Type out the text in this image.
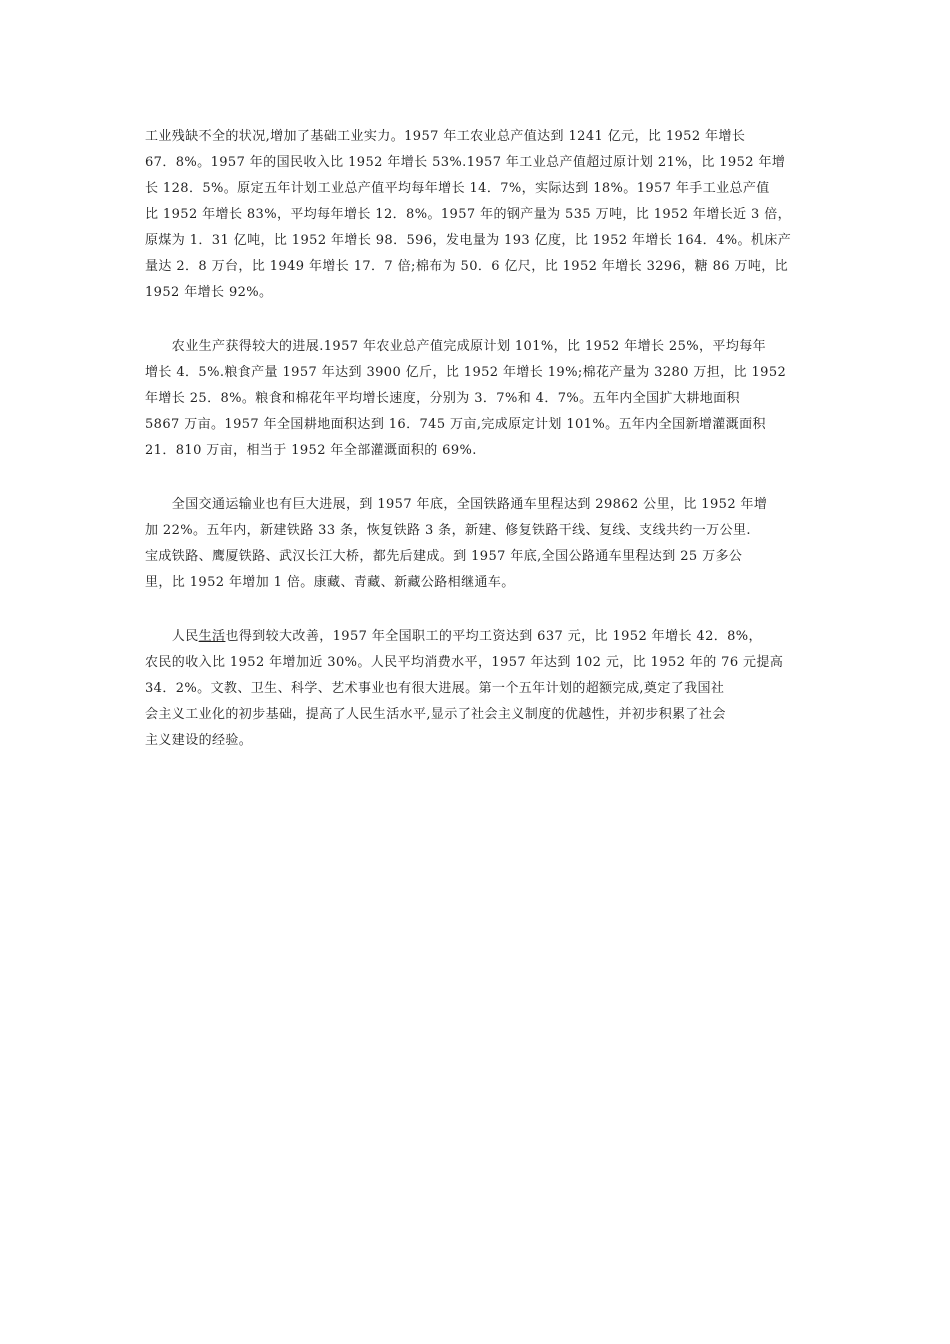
工业残缺不全的状况,增加了基础工业实力。1957 年工农业总产值达到 1241 亿元，比 1952 年增长
67．8%。1957 年的国民收入比 1952 年增长 53%.1957 年工业总产值超过原计划 21%，比 1952 年增
长 128．5%。原定五年计划工业总产值平均每年增长 14．7%，实际达到 18%。1957 年手工业总产值
比 1952 年增长 83%，平均每年增长 12．8%。1957 年的钢产量为 535 万吨，比 1952 年增长近 3 倍，
原煤为 1．31 亿吨，比 1952 年增长 98．596，发电量为 193 亿度，比 1952 年增长 164．4%。机床产
量达 2．8 万台，比 1949 年增长 17．7 倍;棉布为 50．6 亿尺，比 1952 年增长 3296，糖 86 万吨，比
1952 年增长 92%。
　　农业生产获得较大的进展.1957 年农业总产值完成原计划 101%，比 1952 年增长 25%，平均每年
增长 4．5%.粮食产量 1957 年达到 3900 亿斤，比 1952 年增长 19%;棉花产量为 3280 万担，比 1952
年增长 25．8%。粮食和棉花年平均增长速度，分别为 3．7%和 4．7%。五年内全国扩大耕地面积
5867 万亩。1957 年全国耕地面积达到 16．745 万亩,完成原定计划 101%。五年内全国新增灌溉面积
21．810 万亩，相当于 1952 年全部灌溉面积的 69%.
　　全国交通运输业也有巨大进展，到 1957 年底，全国铁路通车里程达到 29862 公里，比 1952 年增
加 22%。五年内，新建铁路 33 条，恢复铁路 3 条，新建、修复铁路干线、复线、支线共约一万公里.
宝成铁路、鹰厦铁路、武汉长江大桥，都先后建成。到 1957 年底,全国公路通车里程达到 25 万多公
里，比 1952 年增加 1 倍。康藏、青藏、新藏公路相继通车。
　　人民生活也得到较大改善，1957 年全国职工的平均工资达到 637 元，比 1952 年增长 42．8%，
农民的收入比 1952 年增加近 30%。人民平均消费水平，1957 年达到 102 元，比 1952 年的 76 元提高
34．2%。文教、卫生、科学、艺术事业也有很大进展。第一个五年计划的超额完成,奠定了我国社
会主义工业化的初步基础，提高了人民生活水平,显示了社会主义制度的优越性，并初步积累了社会
主义建设的经验。
